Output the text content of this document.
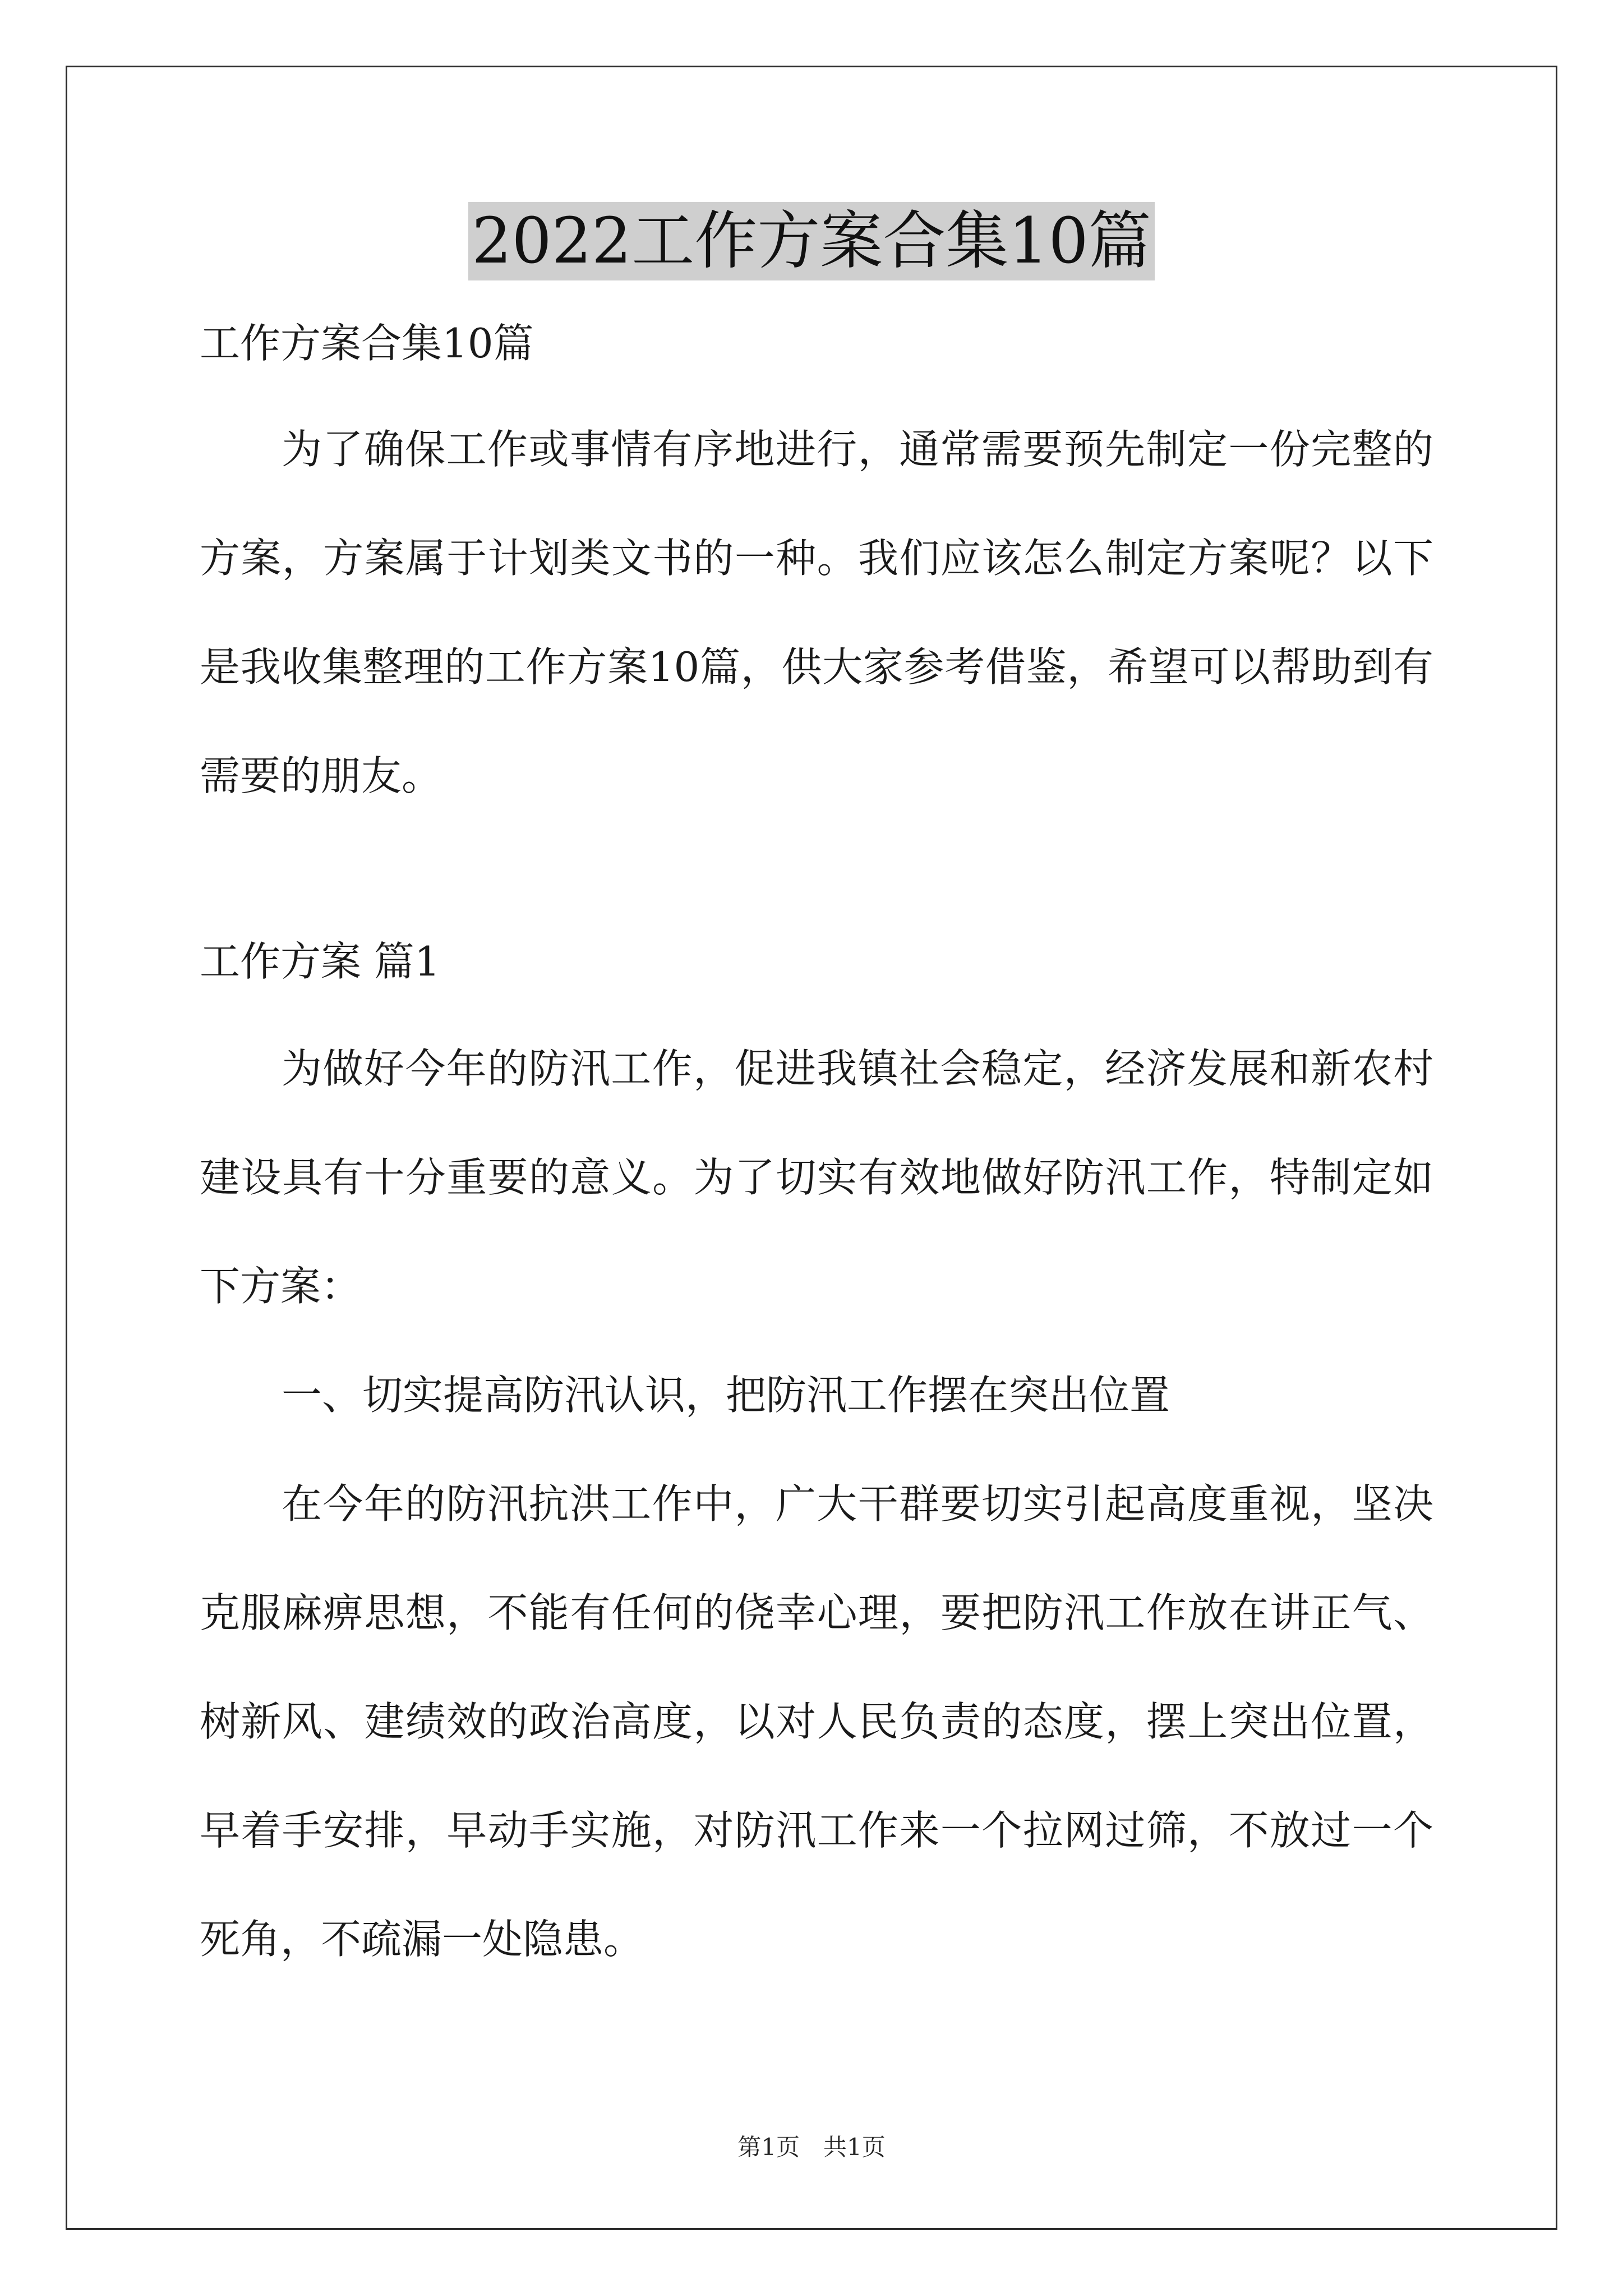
2022工作方案合集10篇
工作方案合集10篇

为了确保工作或事情有序地进行，通常需要预先制定一份完整的方案，方案属于计划类文书的一种。我们应该怎么制定方案呢？以下是我收集整理的工作方案10篇，供大家参考借鉴，希望可以帮助到有需要的朋友。

工作方案 篇1

为做好今年的防汛工作，促进我镇社会稳定，经济发展和新农村建设具有十分重要的意义。为了切实有效地做好防汛工作，特制定如下方案：

一、切实提高防汛认识，把防汛工作摆在突出位置

在今年的防汛抗洪工作中，广大干群要切实引起高度重视，坚决克服麻痹思想，不能有任何的侥幸心理，要把防汛工作放在讲正气、树新风、建绩效的政治高度，以对人民负责的态度，摆上突出位置，早着手安排，早动手实施，对防汛工作来一个拉网过筛，不放过一个死角，不疏漏一处隐患。

第1页　共1页
